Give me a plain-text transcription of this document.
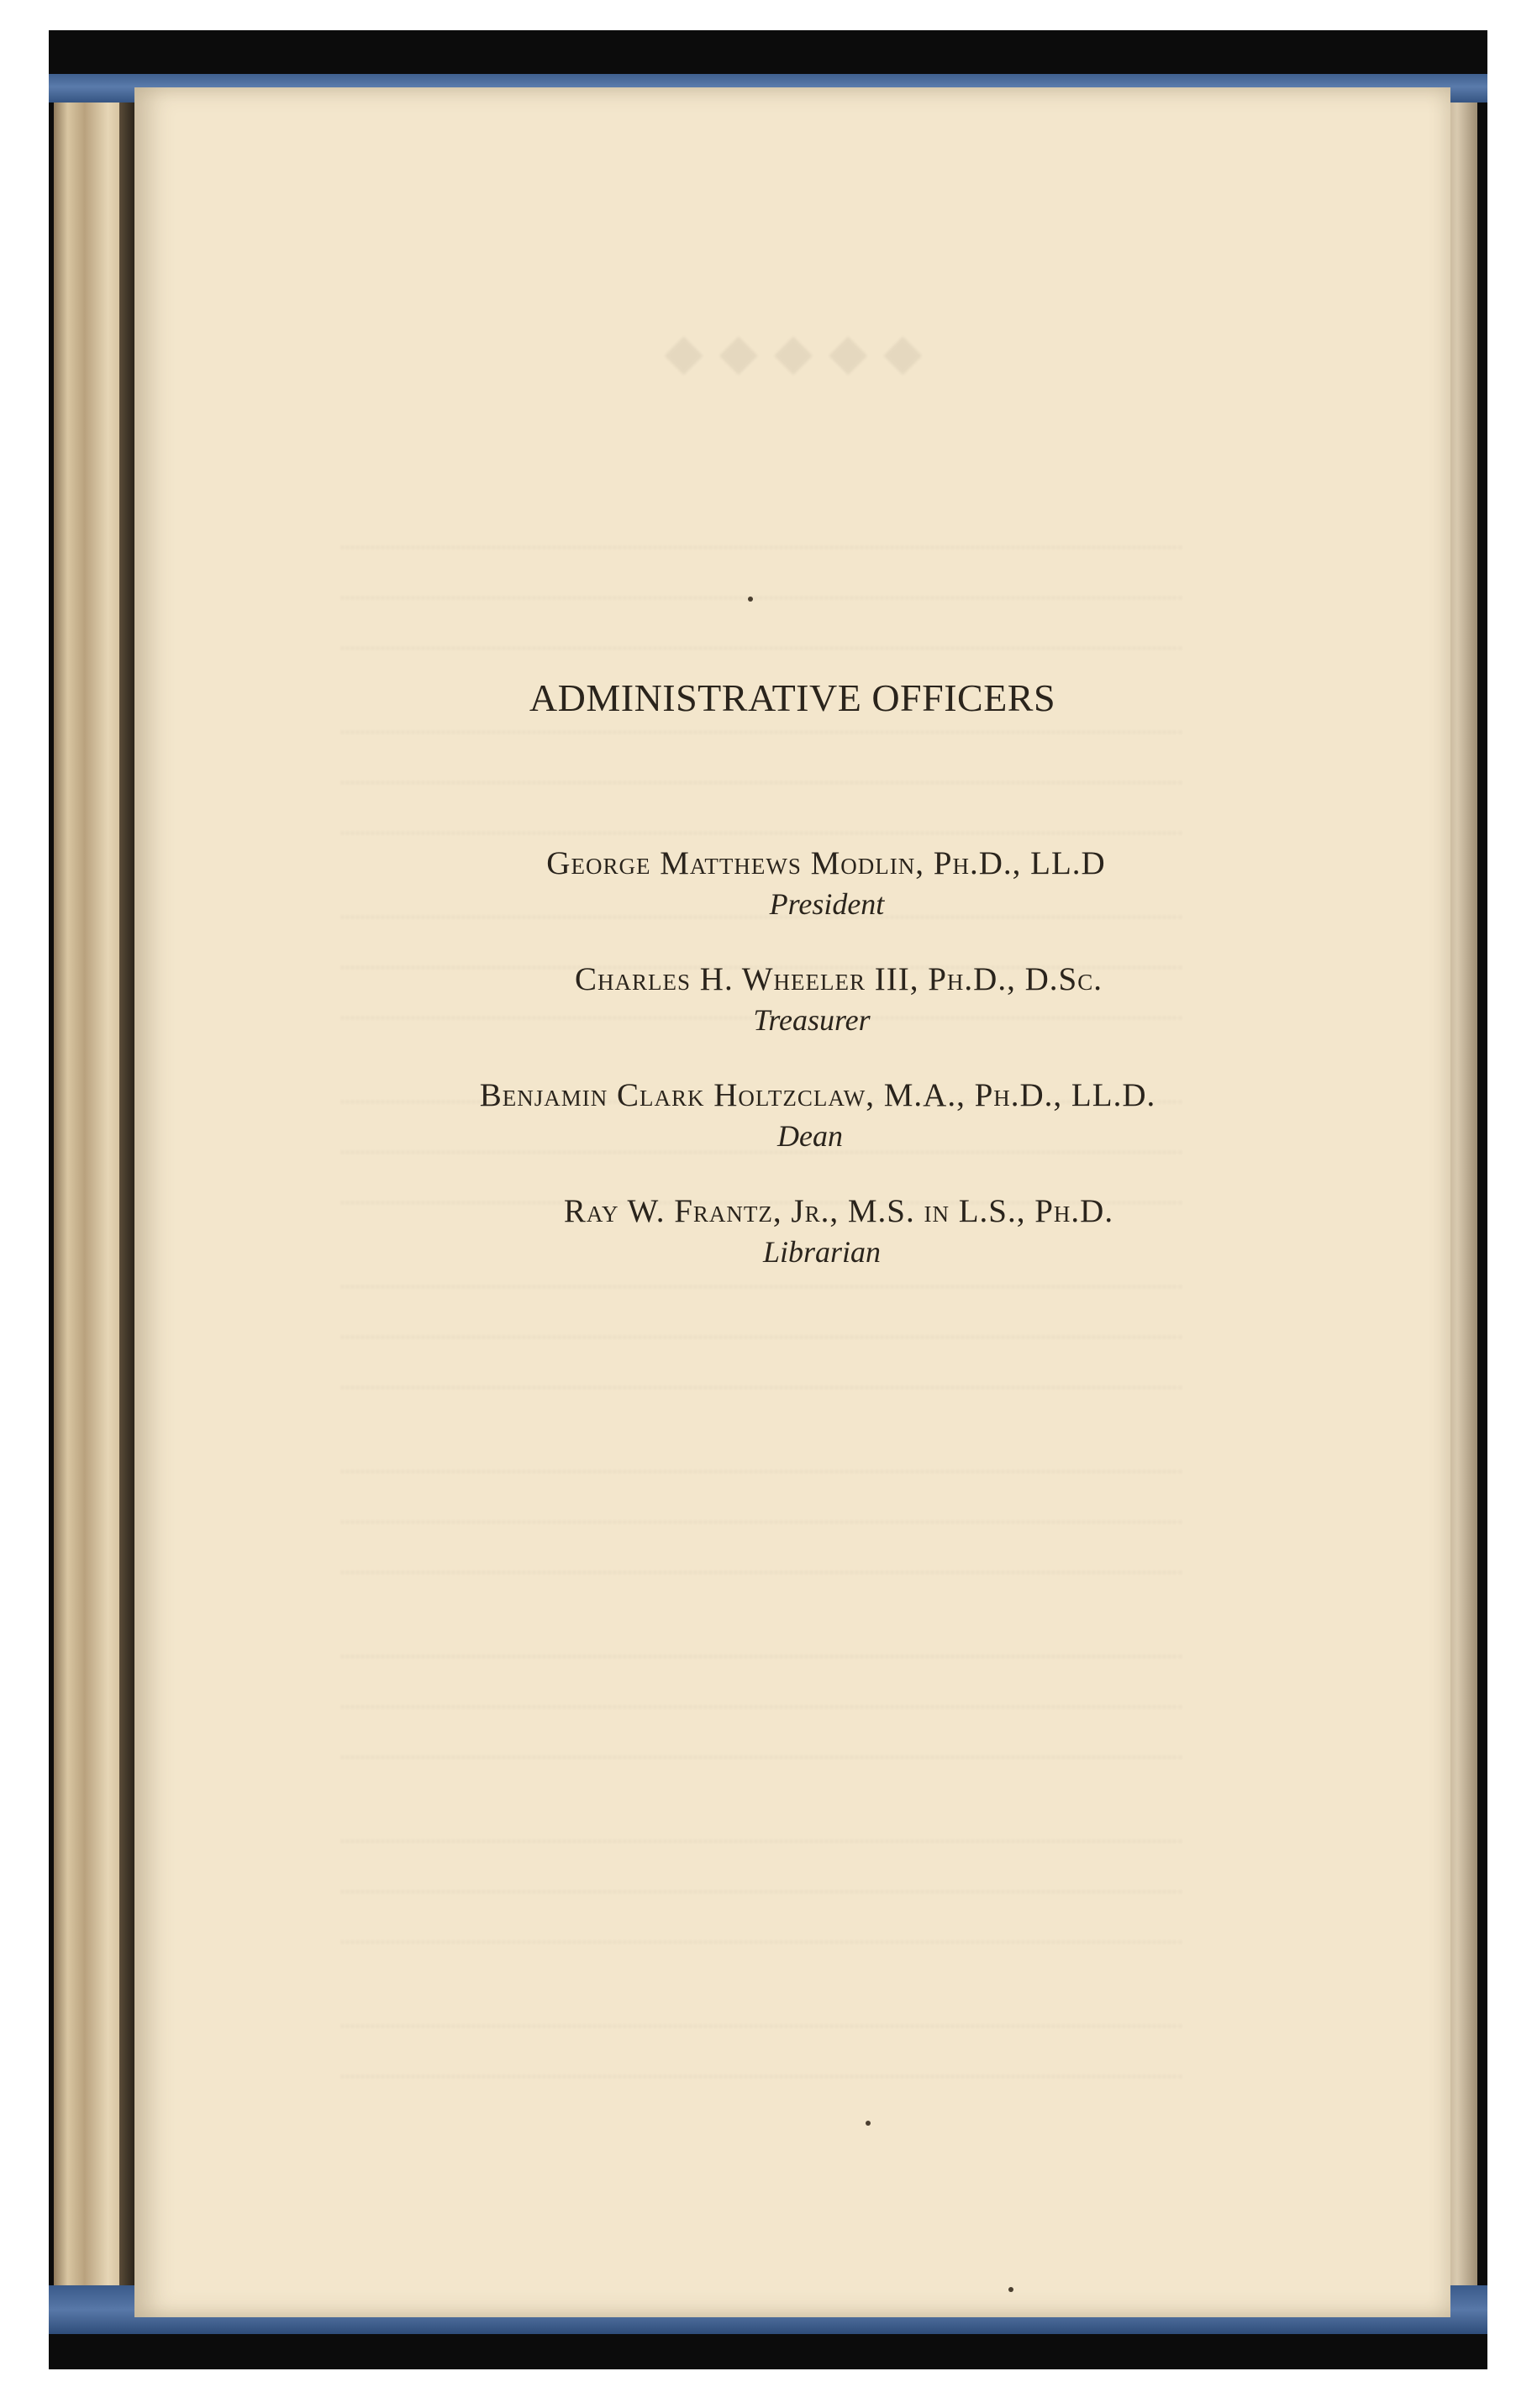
◆ ◆ ◆ ◆ ◆
ADMINISTRATIVE OFFICERS

George Matthews Modlin, Ph.D., LL.D
President

Charles H. Wheeler III, Ph.D., D.Sc.
Treasurer

Benjamin Clark Holtzclaw, M.A., Ph.D., LL.D.
Dean

Ray W. Frantz, Jr., M.S. in L.S., Ph.D.
Librarian
